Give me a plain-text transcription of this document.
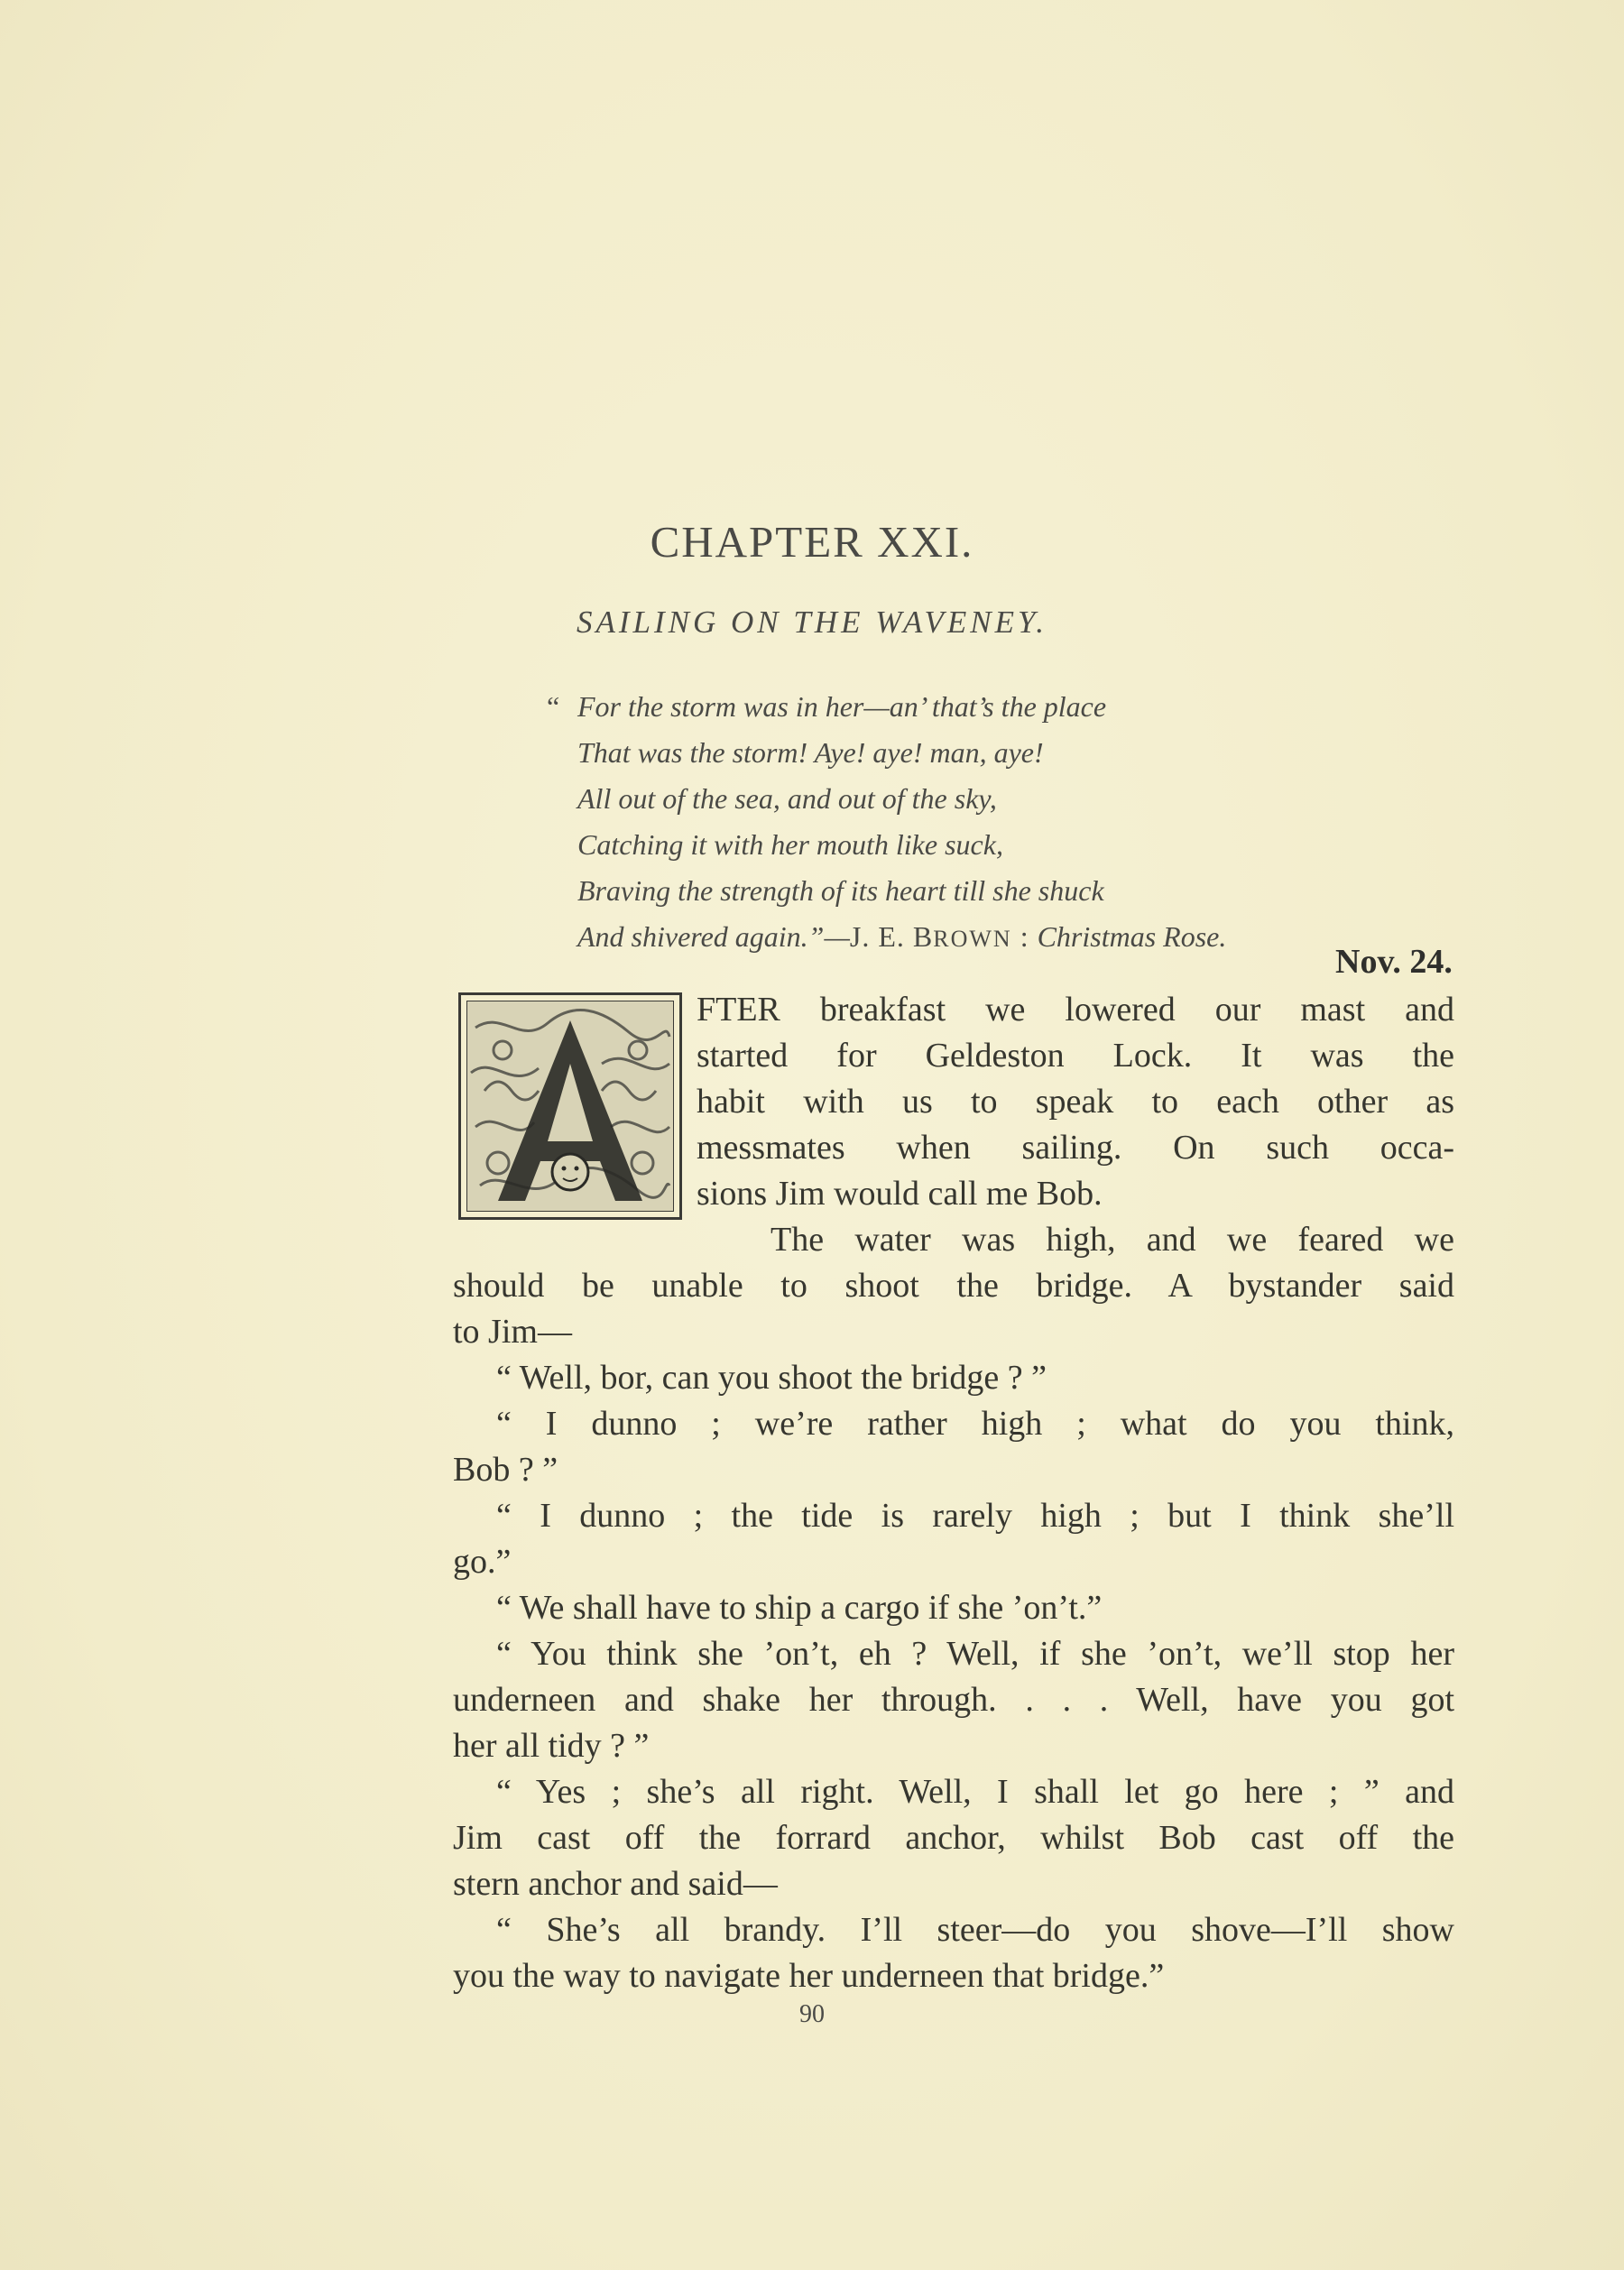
CHAPTER XXI.
SAILING ON THE WAVENEY.
“ For the storm was in her—an’ that’s the place
That was the storm! Aye! aye! man, aye!
All out of the sea, and out of the sky,
Catching it with her mouth like suck,
Braving the strength of its heart till she shuck
And shivered again.”—J. E. BROWN : Christmas Rose.
Nov. 24.
FTER breakfast we lowered our mast and
started for Geldeston Lock. It was the
habit with us to speak to each other as
messmates when sailing. On such occa-
sions Jim would call me Bob.
The water was high, and we feared we
should be unable to shoot the bridge. A bystander said
to Jim—
“ Well, bor, can you shoot the bridge ? ”
“ I dunno ; we’re rather high ; what do you think,
Bob ? ”
“ I dunno ; the tide is rarely high ; but I think she’ll
go.”
“ We shall have to ship a cargo if she ’on’t.”
“ You think she ’on’t, eh ? Well, if she ’on’t, we’ll stop her
underneen and shake her through. . . . Well, have you got
her all tidy ? ”
“ Yes ; she’s all right. Well, I shall let go here ; ” and
Jim cast off the forrard anchor, whilst Bob cast off the
stern anchor and said—
“ She’s all brandy. I’ll steer—do you shove—I’ll show
you the way to navigate her underneen that bridge.”
90
